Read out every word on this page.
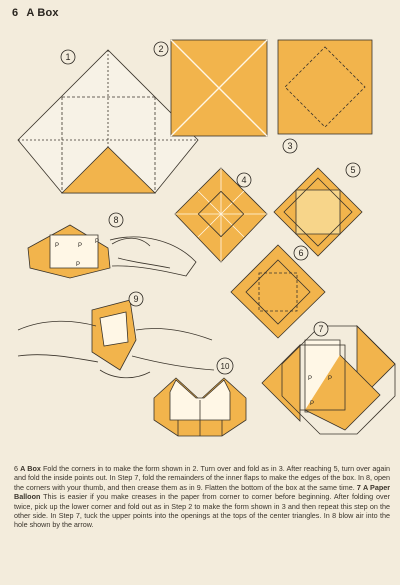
6 A Box
1
2
3
4
5
6
7
8
9
10
P	P
P
P
P	P
P
6 A Box Fold the corners in to make the form shown in 2. Turn over and fold as in 3. After reaching 5, turn over again and fold the inside points out. In Step 7, fold the remainders of the inner flaps to make the edges of the box. In 8, open the corners with your thumb, and then crease them as in 9. Flatten the bottom of the box at the same time. 7 A Paper Balloon This is easier if you make creases in the paper from corner to corner before beginning. After folding over twice, pick up the lower corner and fold out as in Step 2 to make the form shown in 3 and then repeat this step on the other side. In Step 7, tuck the upper points into the openings at the tops of the center triangles. In 8 blow air into the hole shown by the arrow.
